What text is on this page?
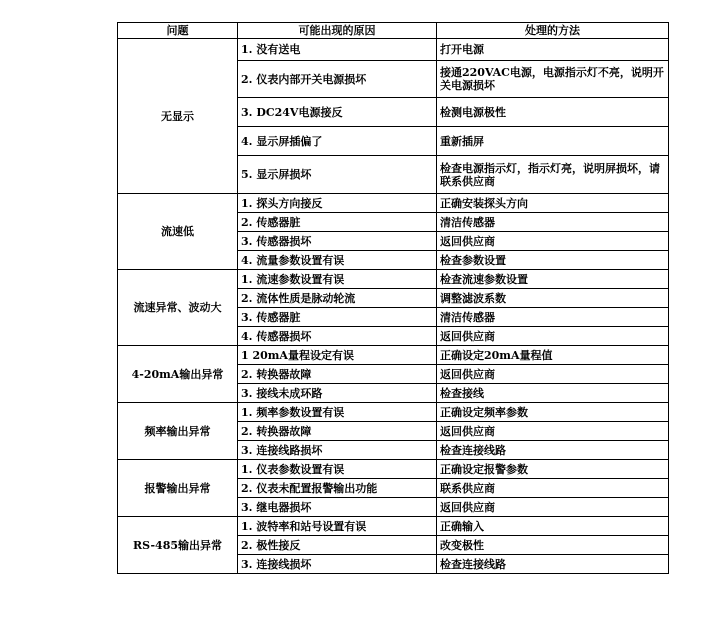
问题	可能出现的原因	处理的方法
无显示	1. 没有送电	打开电源
	2. 仪表内部开关电源损坏	接通220VAC电源，电源指示灯不亮，说明开关电源损坏
	3. DC24V电源接反	检测电源极性
	4. 显示屏插偏了	重新插屏
	5. 显示屏损坏	检查电源指示灯，指示灯亮，说明屏损坏，请联系供应商
流速低	1. 探头方向接反	正确安装探头方向
	2. 传感器脏	清洁传感器
	3. 传感器损坏	返回供应商
	4. 流量参数设置有误	检查参数设置
流速异常、波动大	1. 流速参数设置有误	检查流速参数设置
	2. 流体性质是脉动轮流	调整滤波系数
	3. 传感器脏	清洁传感器
	4. 传感器损坏	返回供应商
4-20mA输出异常	1 20mA量程设定有误	正确设定20mA量程值
	2. 转换器故障	返回供应商
	3. 接线未成环路	检查接线
频率输出异常	1. 频率参数设置有误	正确设定频率参数
	2. 转换器故障	返回供应商
	3. 连接线路损坏	检查连接线路
报警输出异常	1. 仪表参数设置有误	正确设定报警参数
	2. 仪表未配置报警输出功能	联系供应商
	3. 继电器损坏	返回供应商
RS-485输出异常	1. 波特率和站号设置有误	正确输入
	2. 极性接反	改变极性
	3. 连接线损坏	检查连接线路
